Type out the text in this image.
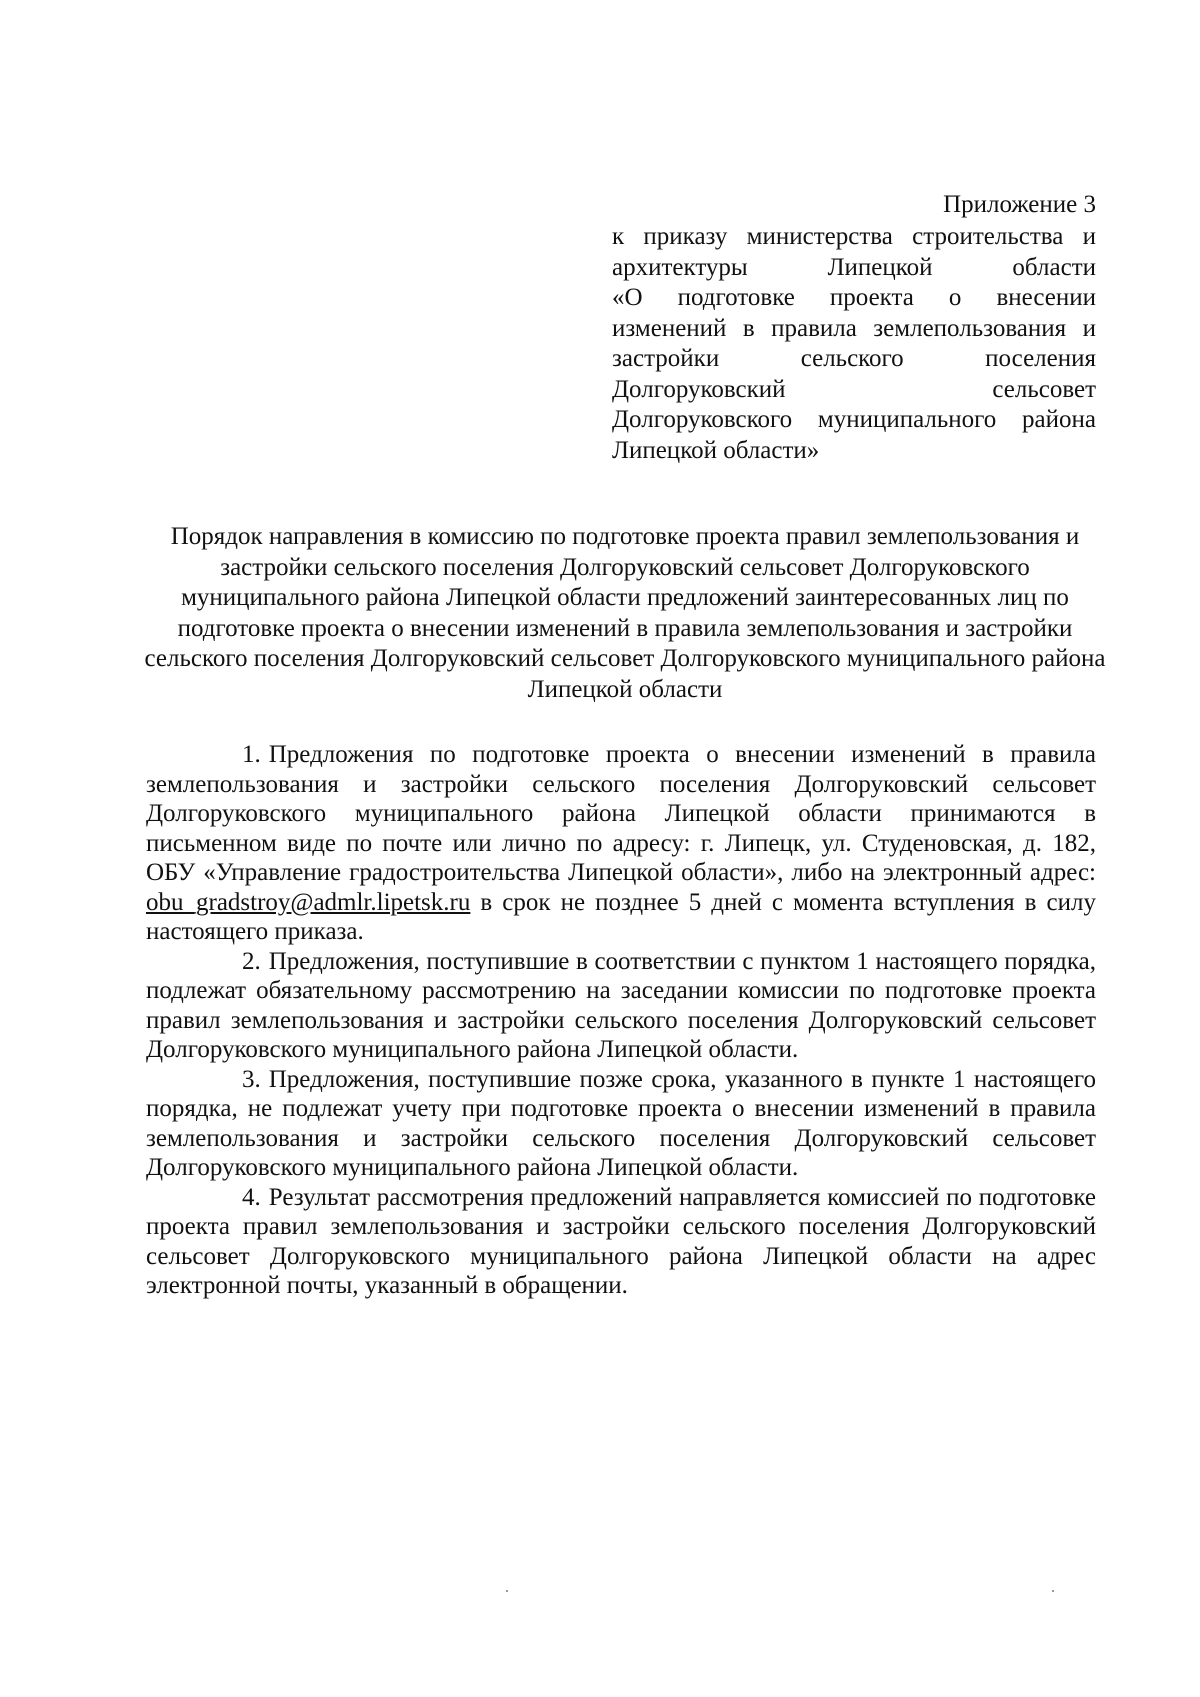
Приложение 3

к приказу министерства строительства и
архитектуры Липецкой области
«О подготовке проекта о внесении
изменений в правила землепользования и
застройки сельского поселения
Долгоруковский сельсовет
Долгоруковского муниципального района
Липецкой области»

Порядок направления в комиссию по подготовке проекта правил землепользования и застройки сельского поселения Долгоруковский сельсовет Долгоруковского муниципального района Липецкой области предложений заинтересованных лиц по подготовке проекта о внесении изменений в правила землепользования и застройки сельского поселения Долгоруковский сельсовет Долгоруковского муниципального района Липецкой области

1. Предложения по подготовке проекта о внесении изменений в правила землепользования и застройки сельского поселения Долгоруковский сельсовет Долгоруковского муниципального района Липецкой области принимаются в письменном виде по почте или лично по адресу: г. Липецк, ул. Студеновская, д. 182, ОБУ «Управление градостроительства Липецкой области», либо на электронный адрес: obu_gradstroy@admlr.lipetsk.ru в срок не позднее 5 дней с момента вступления в силу настоящего приказа.

2. Предложения, поступившие в соответствии с пунктом 1 настоящего порядка, подлежат обязательному рассмотрению на заседании комиссии по подготовке проекта правил землепользования и застройки сельского поселения Долгоруковский сельсовет Долгоруковского муниципального района Липецкой области.

3. Предложения, поступившие позже срока, указанного в пункте 1 настоящего порядка, не подлежат учету при подготовке проекта о внесении изменений в правила землепользования и застройки сельского поселения Долгоруковский сельсовет Долгоруковского муниципального района Липецкой области.

4. Результат рассмотрения предложений направляется комиссией по подготовке проекта правил землепользования и застройки сельского поселения Долгоруковский сельсовет Долгоруковского муниципального района Липецкой области на адрес электронной почты, указанный в обращении.
